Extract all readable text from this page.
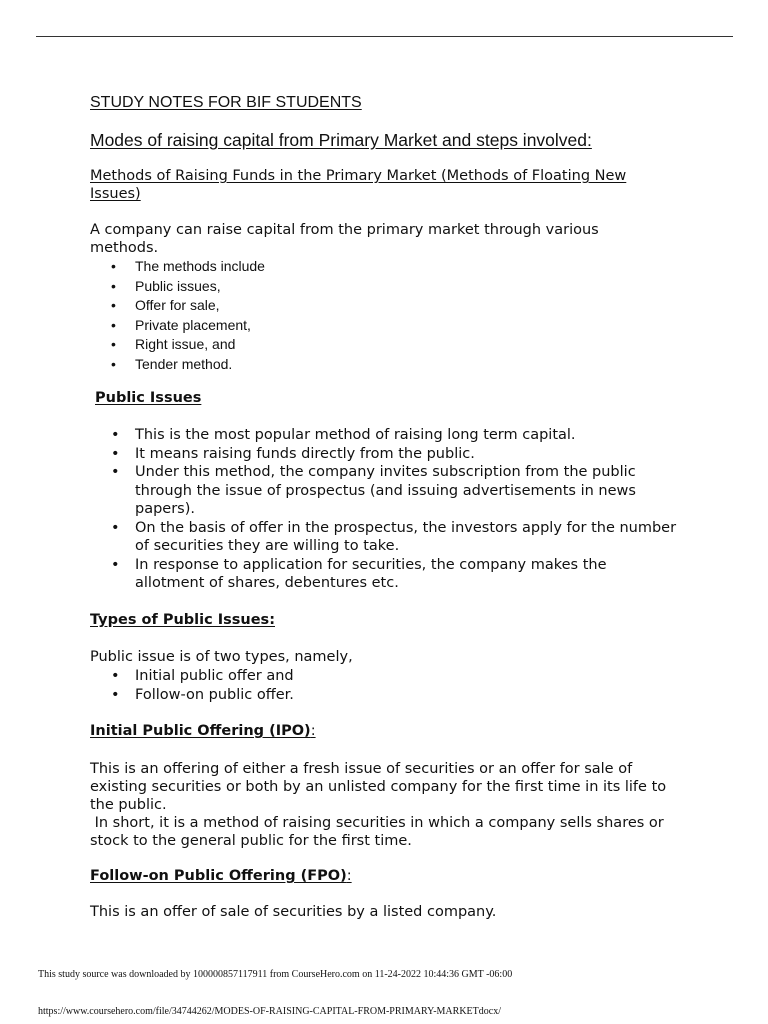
STUDY NOTES FOR BIF STUDENTS
Modes of raising capital from Primary Market and steps involved:
Methods of Raising Funds in the Primary Market (Methods of Floating New Issues)
A company can raise capital from the primary market through various methods.
• The methods include
• Public issues,
• Offer for sale,
• Private placement,
• Right issue, and
• Tender method.
Public Issues
• This is the most popular method of raising long term capital.
• It means raising funds directly from the public.
• Under this method, the company invites subscription from the public through the issue of prospectus (and issuing advertisements in news papers).
• On the basis of offer in the prospectus, the investors apply for the number of securities they are willing to take.
• In response to application for securities, the company makes the allotment of shares, debentures etc.
Types of Public Issues:
Public issue is of two types, namely,
• Initial public offer and
• Follow-on public offer.
Initial Public Offering (IPO):
This is an offering of either a fresh issue of securities or an offer for sale of existing securities or both by an unlisted company for the first time in its life to the public.
In short, it is a method of raising securities in which a company sells shares or stock to the general public for the first time.
Follow-on Public Offering (FPO):
This is an offer of sale of securities by a listed company.
This study source was downloaded by 100000857117911 from CourseHero.com on 11-24-2022 10:44:36 GMT -06:00
https://www.coursehero.com/file/34744262/MODES-OF-RAISING-CAPITAL-FROM-PRIMARY-MARKETdocx/
